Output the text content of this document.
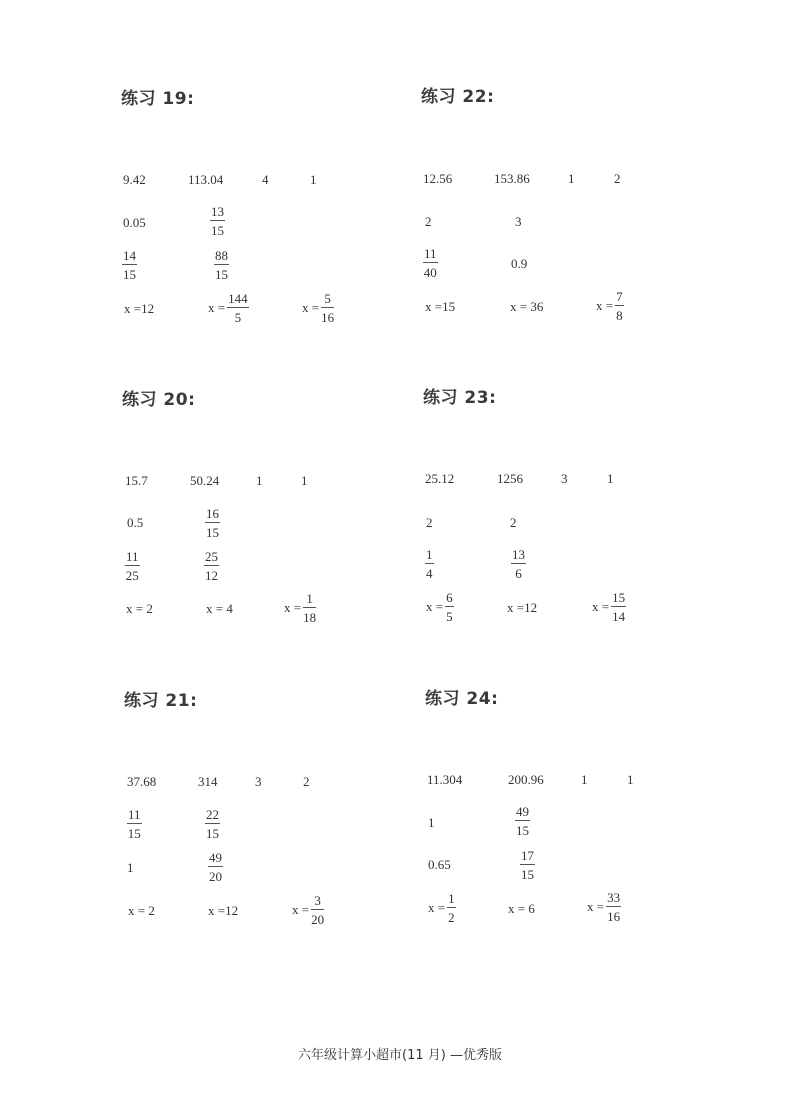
练习 19:
9.42	113.04	4	1
0.05	$\frac{13}{15}$
$\frac{14}{15}$	$\frac{88}{15}$
x =12	$x = \frac{144}{5}$	$x = \frac{5}{16}$
练习 22:
12.56	153.86	1	2
2	3
$\frac{11}{40}$	0.9
x =15	x = 36	$x = \frac{7}{8}$
练习 20:
15.7	50.24	1	1
0.5	$\frac{16}{15}$
$\frac{11}{25}$	$\frac{25}{12}$
x = 2	x = 4	$x = \frac{1}{18}$
练习 23:
25.12	1256	3	1
2	2
$\frac{1}{4}$	$\frac{13}{6}$
$x = \frac{6}{5}$	x =12	$x = \frac{15}{14}$
练习 21:
37.68	314	3	2
$\frac{11}{15}$	$\frac{22}{15}$
1	$\frac{49}{20}$
x = 2	x =12	$x = \frac{3}{20}$
练习 24:
11.304	200.96	1	1
1	$\frac{49}{15}$
0.65	$\frac{17}{15}$
$x = \frac{1}{2}$	x = 6	$x = \frac{33}{16}$
六年级计算小超市(11 月) —优秀版
